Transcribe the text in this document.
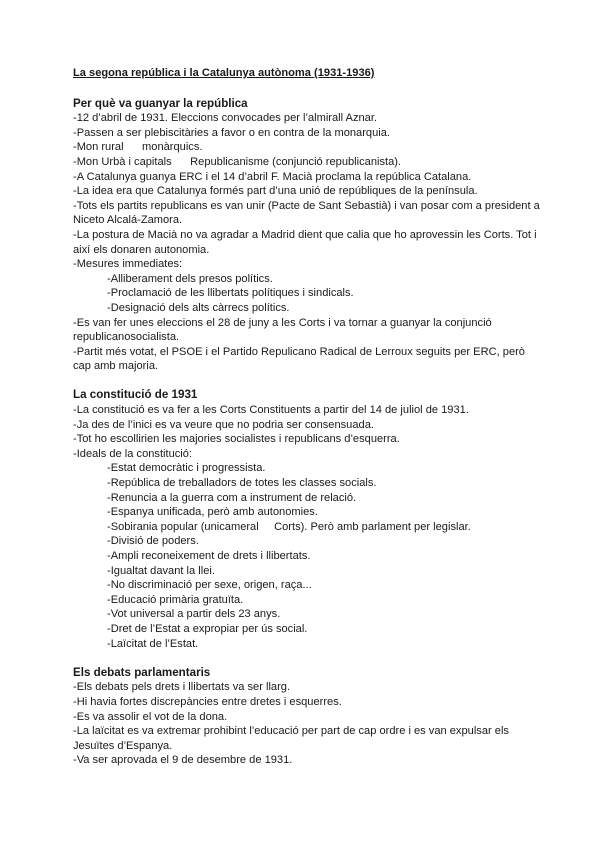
La segona república i la Catalunya autònoma (1931-1936)

Per què va guanyar la república

-12 d’abril de 1931. Eleccions convocades per l’almirall Aznar.

-Passen a ser plebiscitàries a favor o en contra de la monarquia.

-Mon rural      monàrquics.

-Mon Urbà i capitals      Republicanisme (conjunció republicanista).

-A Catalunya guanya ERC i el 14 d’abril F. Macià proclama la república Catalana.

-La idea era que Catalunya formés part d’una unió de repúbliques de la península.

-Tots els partits republicans es van unir (Pacte de Sant Sebastià) i van posar com a president a Niceto Alcalá-Zamora.

-La postura de Macià no va agradar a Madrid dient que calia que ho aprovessin les Corts. Tot i així els donaren autonomia.

-Mesures immediates:

-Alliberament dels presos polítics.

-Proclamació de les llibertats polítiques i sindicals.

-Designació dels alts càrrecs polítics.

-Es van fer unes eleccions el 28 de juny a les Corts i va tornar a guanyar la conjunció republicanosocialista.

-Partit més votat, el PSOE i el Partido Repulicano Radical de Lerroux seguits per ERC, però cap amb majoria.

La constitució de 1931

-La constitució es va fer a les Corts Constituents a partir del 14 de juliol de 1931.

-Ja des de l’inici es va veure que no podria ser consensuada.

-Tot ho escollirien les majories socialistes i republicans d’esquerra.

-Ideals de la constitució:

-Estat democràtic i progressista.

-República de treballadors de totes les classes socials.

-Renuncia a la guerra com a instrument de relació.

-Espanya unificada, però amb autonomies.

-Sobirania popular (unicameral     Corts). Però amb parlament per legislar.

-Divisió de poders.

-Ampli reconeixement de drets i llibertats.

-Igualtat davant la llei.

-No discriminació per sexe, origen, raça...

-Educació primària gratuïta.

-Vot universal a partir dels 23 anys.

-Dret de l’Estat a expropiar per ús social.

-Laïcitat de l’Estat.

Els debats parlamentaris

-Els debats pels drets i llibertats va ser llarg.

-Hi havia fortes discrepàncies entre dretes i esquerres.

-Es va assolir el vot de la dona.

-La laïcitat es va extremar prohibint l’educació per part de cap ordre i es van expulsar els Jesuïtes d’Espanya.

-Va ser aprovada el 9 de desembre de 1931.
